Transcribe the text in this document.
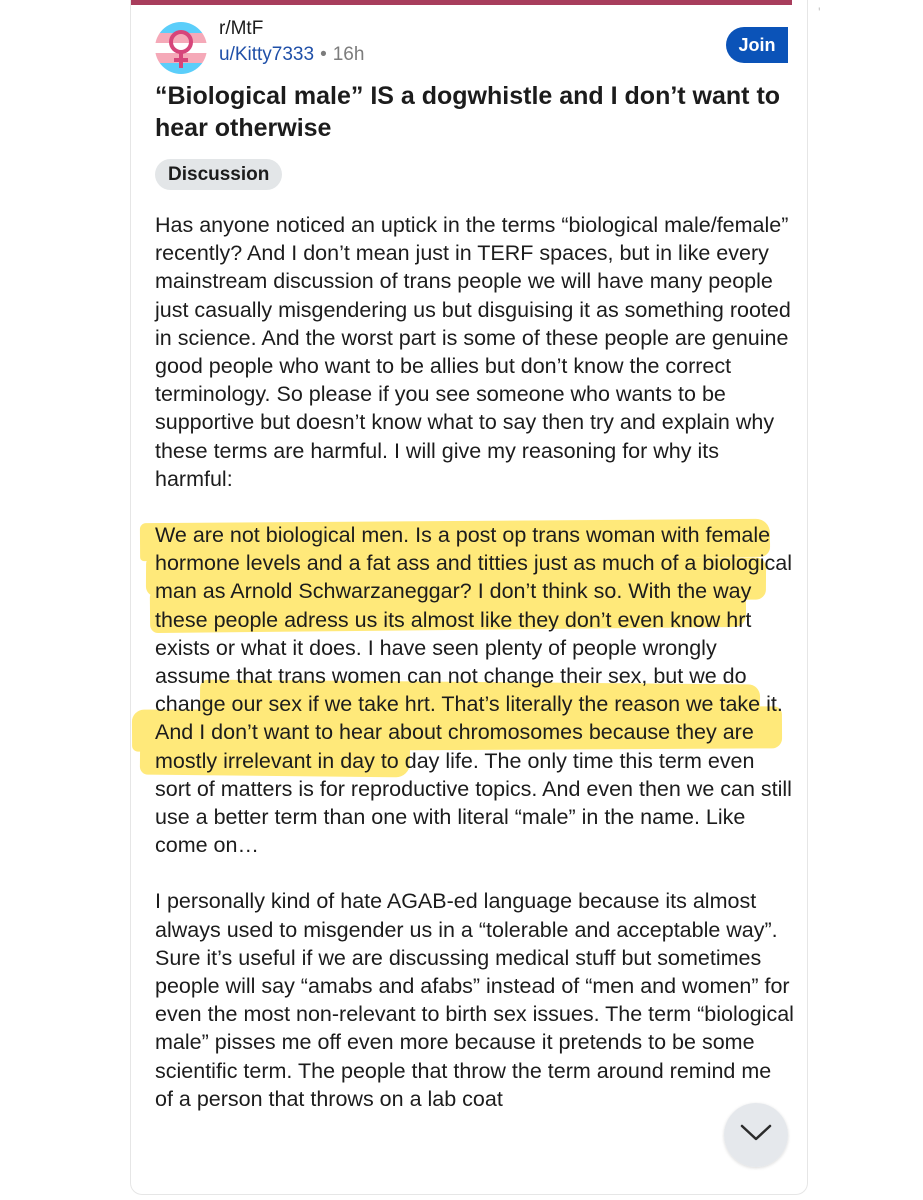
'
r/MtF
u/Kitty7333 • 16h	Join
“Biological male” IS a dogwhistle and I don’t want to hear otherwise
Discussion

Has anyone noticed an uptick in the terms “biological male/female” recently? And I don’t mean just in TERF spaces, but in like every mainstream discussion of trans people we will have many people just casually misgendering us but disguising it as something rooted in science. And the worst part is some of these people are genuine good people who want to be allies but don’t know the correct terminology. So please if you see someone who wants to be supportive but doesn’t know what to say then try and explain why these terms are harmful. I will give my reasoning for why its harmful:

We are not biological men. Is a post op trans woman with female hormone levels and a fat ass and titties just as much of a biological man as Arnold Schwarzaneggar? I don’t think so. With the way these people adress us its almost like they don’t even know hrt exists or what it does. I have seen plenty of people wrongly assume that trans women can not change their sex, but we do change our sex if we take hrt. That’s literally the reason we take it. And I don’t want to hear about chromosomes because they are mostly irrelevant in day to day life. The only time this term even sort of matters is for reproductive topics. And even then we can still use a better term than one with literal “male” in the name. Like come on…

I personally kind of hate AGAB-ed language because its almost always used to misgender us in a “tolerable and acceptable way”. Sure it’s useful if we are discussing medical stuff but sometimes people will say “amabs and afabs” instead of “men and women” for even the most non-relevant to birth sex issues. The term “biological male” pisses me off even more because it pretends to be some scientific term. The people that throw the term around remind me of a person that throws on a lab coat
